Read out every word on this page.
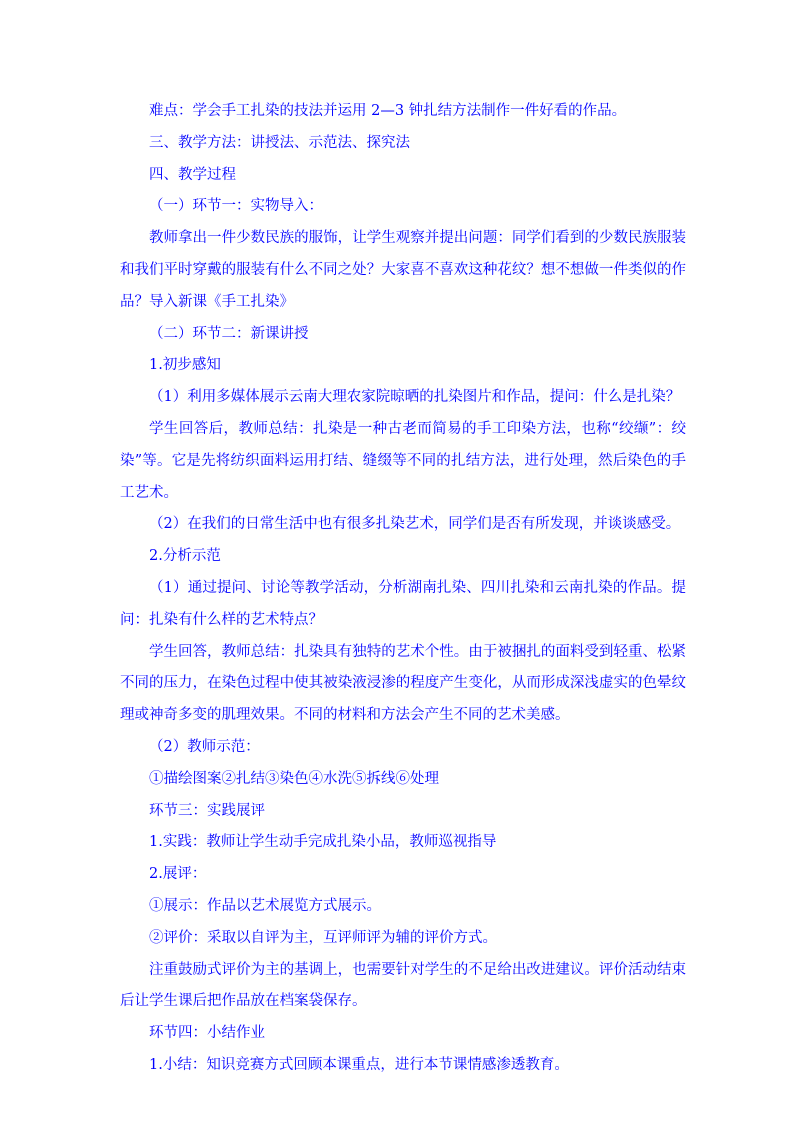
难点：学会手工扎染的技法并运用 2—3 钟扎结方法制作一件好看的作品。

三、教学方法：讲授法、示范法、探究法

四、教学过程

（一）环节一：实物导入：

教师拿出一件少数民族的服饰，让学生观察并提出问题：同学们看到的少数民族服装和我们平时穿戴的服装有什么不同之处？大家喜不喜欢这种花纹？想不想做一件类似的作品？导入新课《手工扎染》

（二）环节二：新课讲授

1.初步感知

（1）利用多媒体展示云南大理农家院晾晒的扎染图片和作品，提问：什么是扎染？

学生回答后，教师总结：扎染是一种古老而简易的手工印染方法，也称“绞缬”：绞染”等。它是先将纺织面料运用打结、缝缀等不同的扎结方法，进行处理，然后染色的手工艺术。

（2）在我们的日常生活中也有很多扎染艺术，同学们是否有所发现，并谈谈感受。

2.分析示范

（1）通过提问、讨论等教学活动，分析湖南扎染、四川扎染和云南扎染的作品。提问：扎染有什么样的艺术特点？

学生回答，教师总结：扎染具有独特的艺术个性。由于被捆扎的面料受到轻重、松紧不同的压力，在染色过程中使其被染液浸渗的程度产生变化，从而形成深浅虚实的色晕纹理或神奇多变的肌理效果。不同的材料和方法会产生不同的艺术美感。

（2）教师示范：

①描绘图案②扎结③染色④水洗⑤拆线⑥处理

环节三：实践展评

1.实践：教师让学生动手完成扎染小品，教师巡视指导

2.展评：

①展示：作品以艺术展览方式展示。

②评价：采取以自评为主，互评师评为辅的评价方式。

注重鼓励式评价为主的基调上，也需要针对学生的不足给出改进建议。评价活动结束后让学生课后把作品放在档案袋保存。

环节四：小结作业

1.小结：知识竞赛方式回顾本课重点，进行本节课情感渗透教育。
